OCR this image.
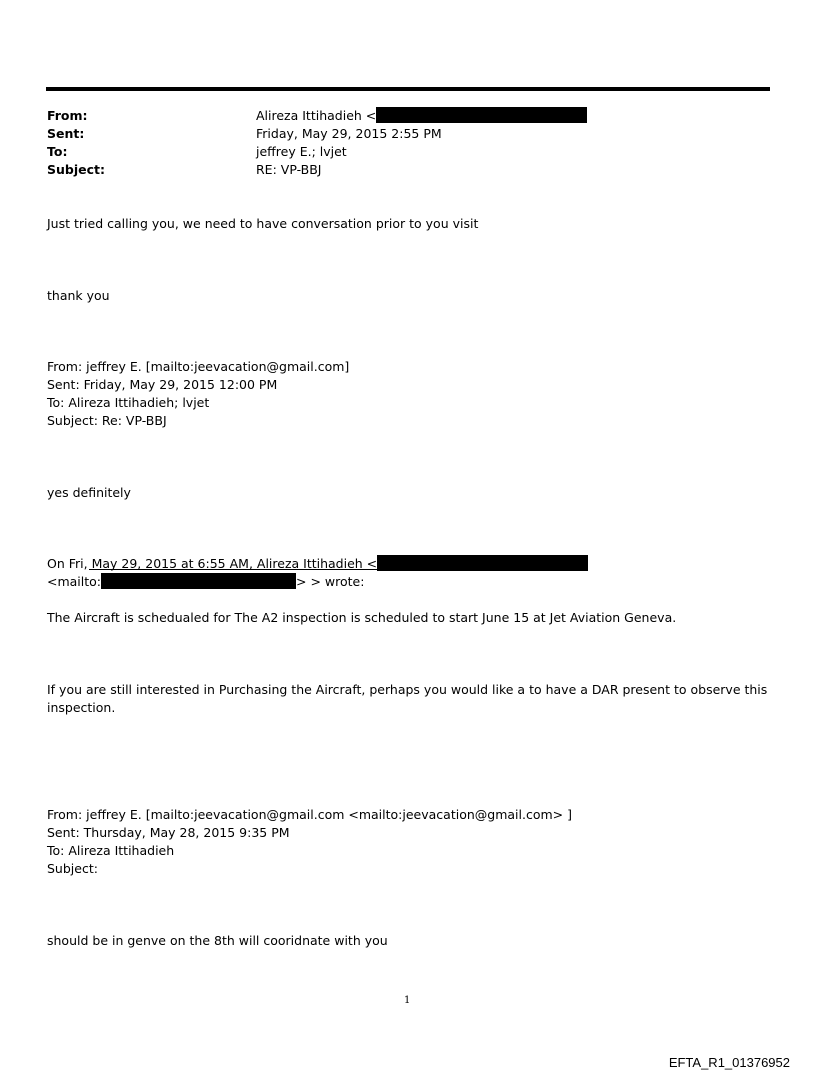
From:	Alireza Ittihadieh <
Sent:	Friday, May 29, 2015 2:55 PM
To:	jeffrey E.; lvjet
Subject:	RE: VP-BBJ
Just tried calling you, we need to have conversation prior to you visit
thank you
From: jeffrey E. [mailto:jeevacation@gmail.com]
Sent: Friday, May 29, 2015 12:00 PM
To: Alireza Ittihadieh; lvjet
Subject: Re: VP-BBJ
yes definitely
On Fri, May 29, 2015 at 6:55 AM, Alireza Ittihadieh <
<mailto:	> > wrote:
The Aircraft is schedualed for The A2 inspection is scheduled to start June 15 at Jet Aviation Geneva.
If you are still interested in Purchasing the Aircraft, perhaps you would like a to have a DAR present to observe this
inspection.
From: jeffrey E. [mailto:jeevacation@gmail.com <mailto:jeevacation@gmail.com> ]
Sent: Thursday, May 28, 2015 9:35 PM
To: Alireza Ittihadieh
Subject:
should be in genve on the 8th will cooridnate with you
1
EFTA_R1_01376952
